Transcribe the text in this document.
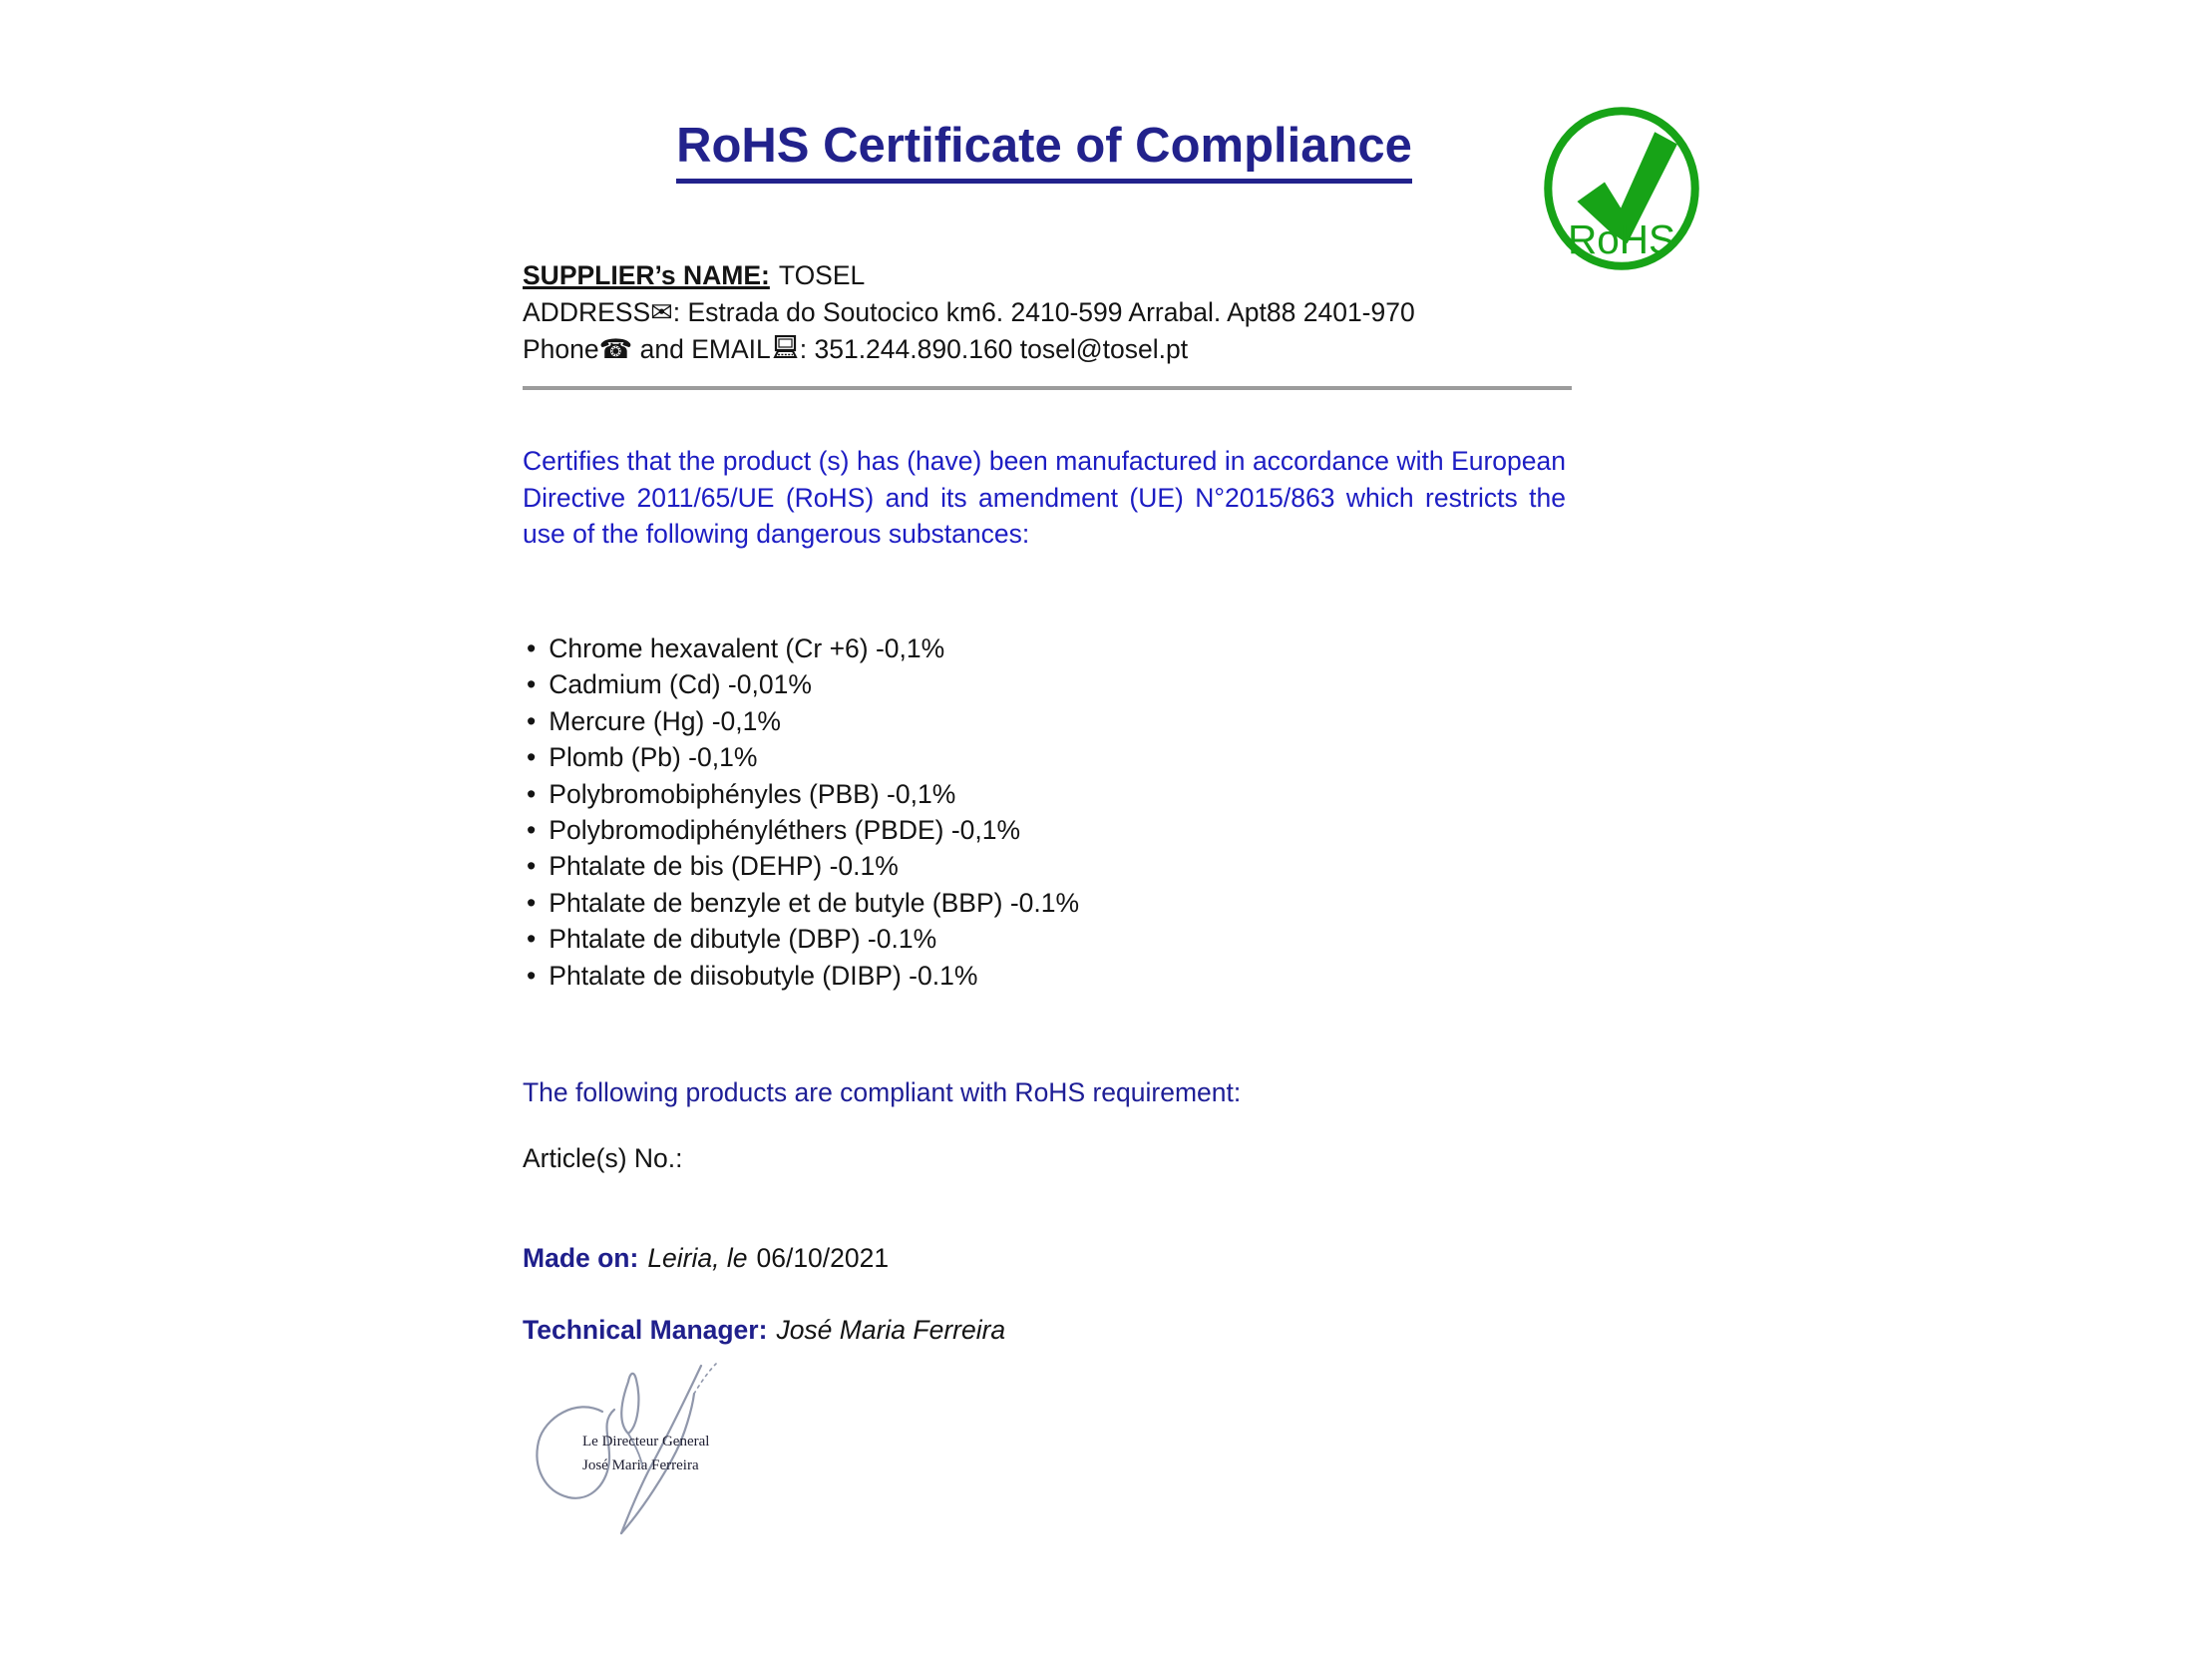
RoHS Certificate of Compliance
RoHS
SUPPLIER’s NAME: TOSEL
ADDRESS✉: Estrada do Soutocico km6. 2410-599 Arrabal. Apt88 2401-970
Phone☎ and EMAIL : 351.244.890.160 tosel@tosel.pt
Certifies that the product (s) has (have) been manufactured in accordance with European Directive 2011/65/UE (RoHS) and its amendment (UE) N°2015/863 which restricts the use of the following dangerous substances:
• Chrome hexavalent (Cr +6) -0,1%
• Cadmium (Cd) -0,01%
• Mercure (Hg) -0,1%
• Plomb (Pb) -0,1%
• Polybromobiphényles (PBB) -0,1%
• Polybromodiphényléthers (PBDE) -0,1%
• Phtalate de bis (DEHP) -0.1%
• Phtalate de benzyle et de butyle (BBP) -0.1%
• Phtalate de dibutyle (DBP) -0.1%
• Phtalate de diisobutyle (DIBP) -0.1%
The following products are compliant with RoHS requirement:
Article(s) No.:
Made on: Leiria, le 06/10/2021
Technical Manager: José Maria Ferreira
Le Directeur General
José Maria Ferreira
